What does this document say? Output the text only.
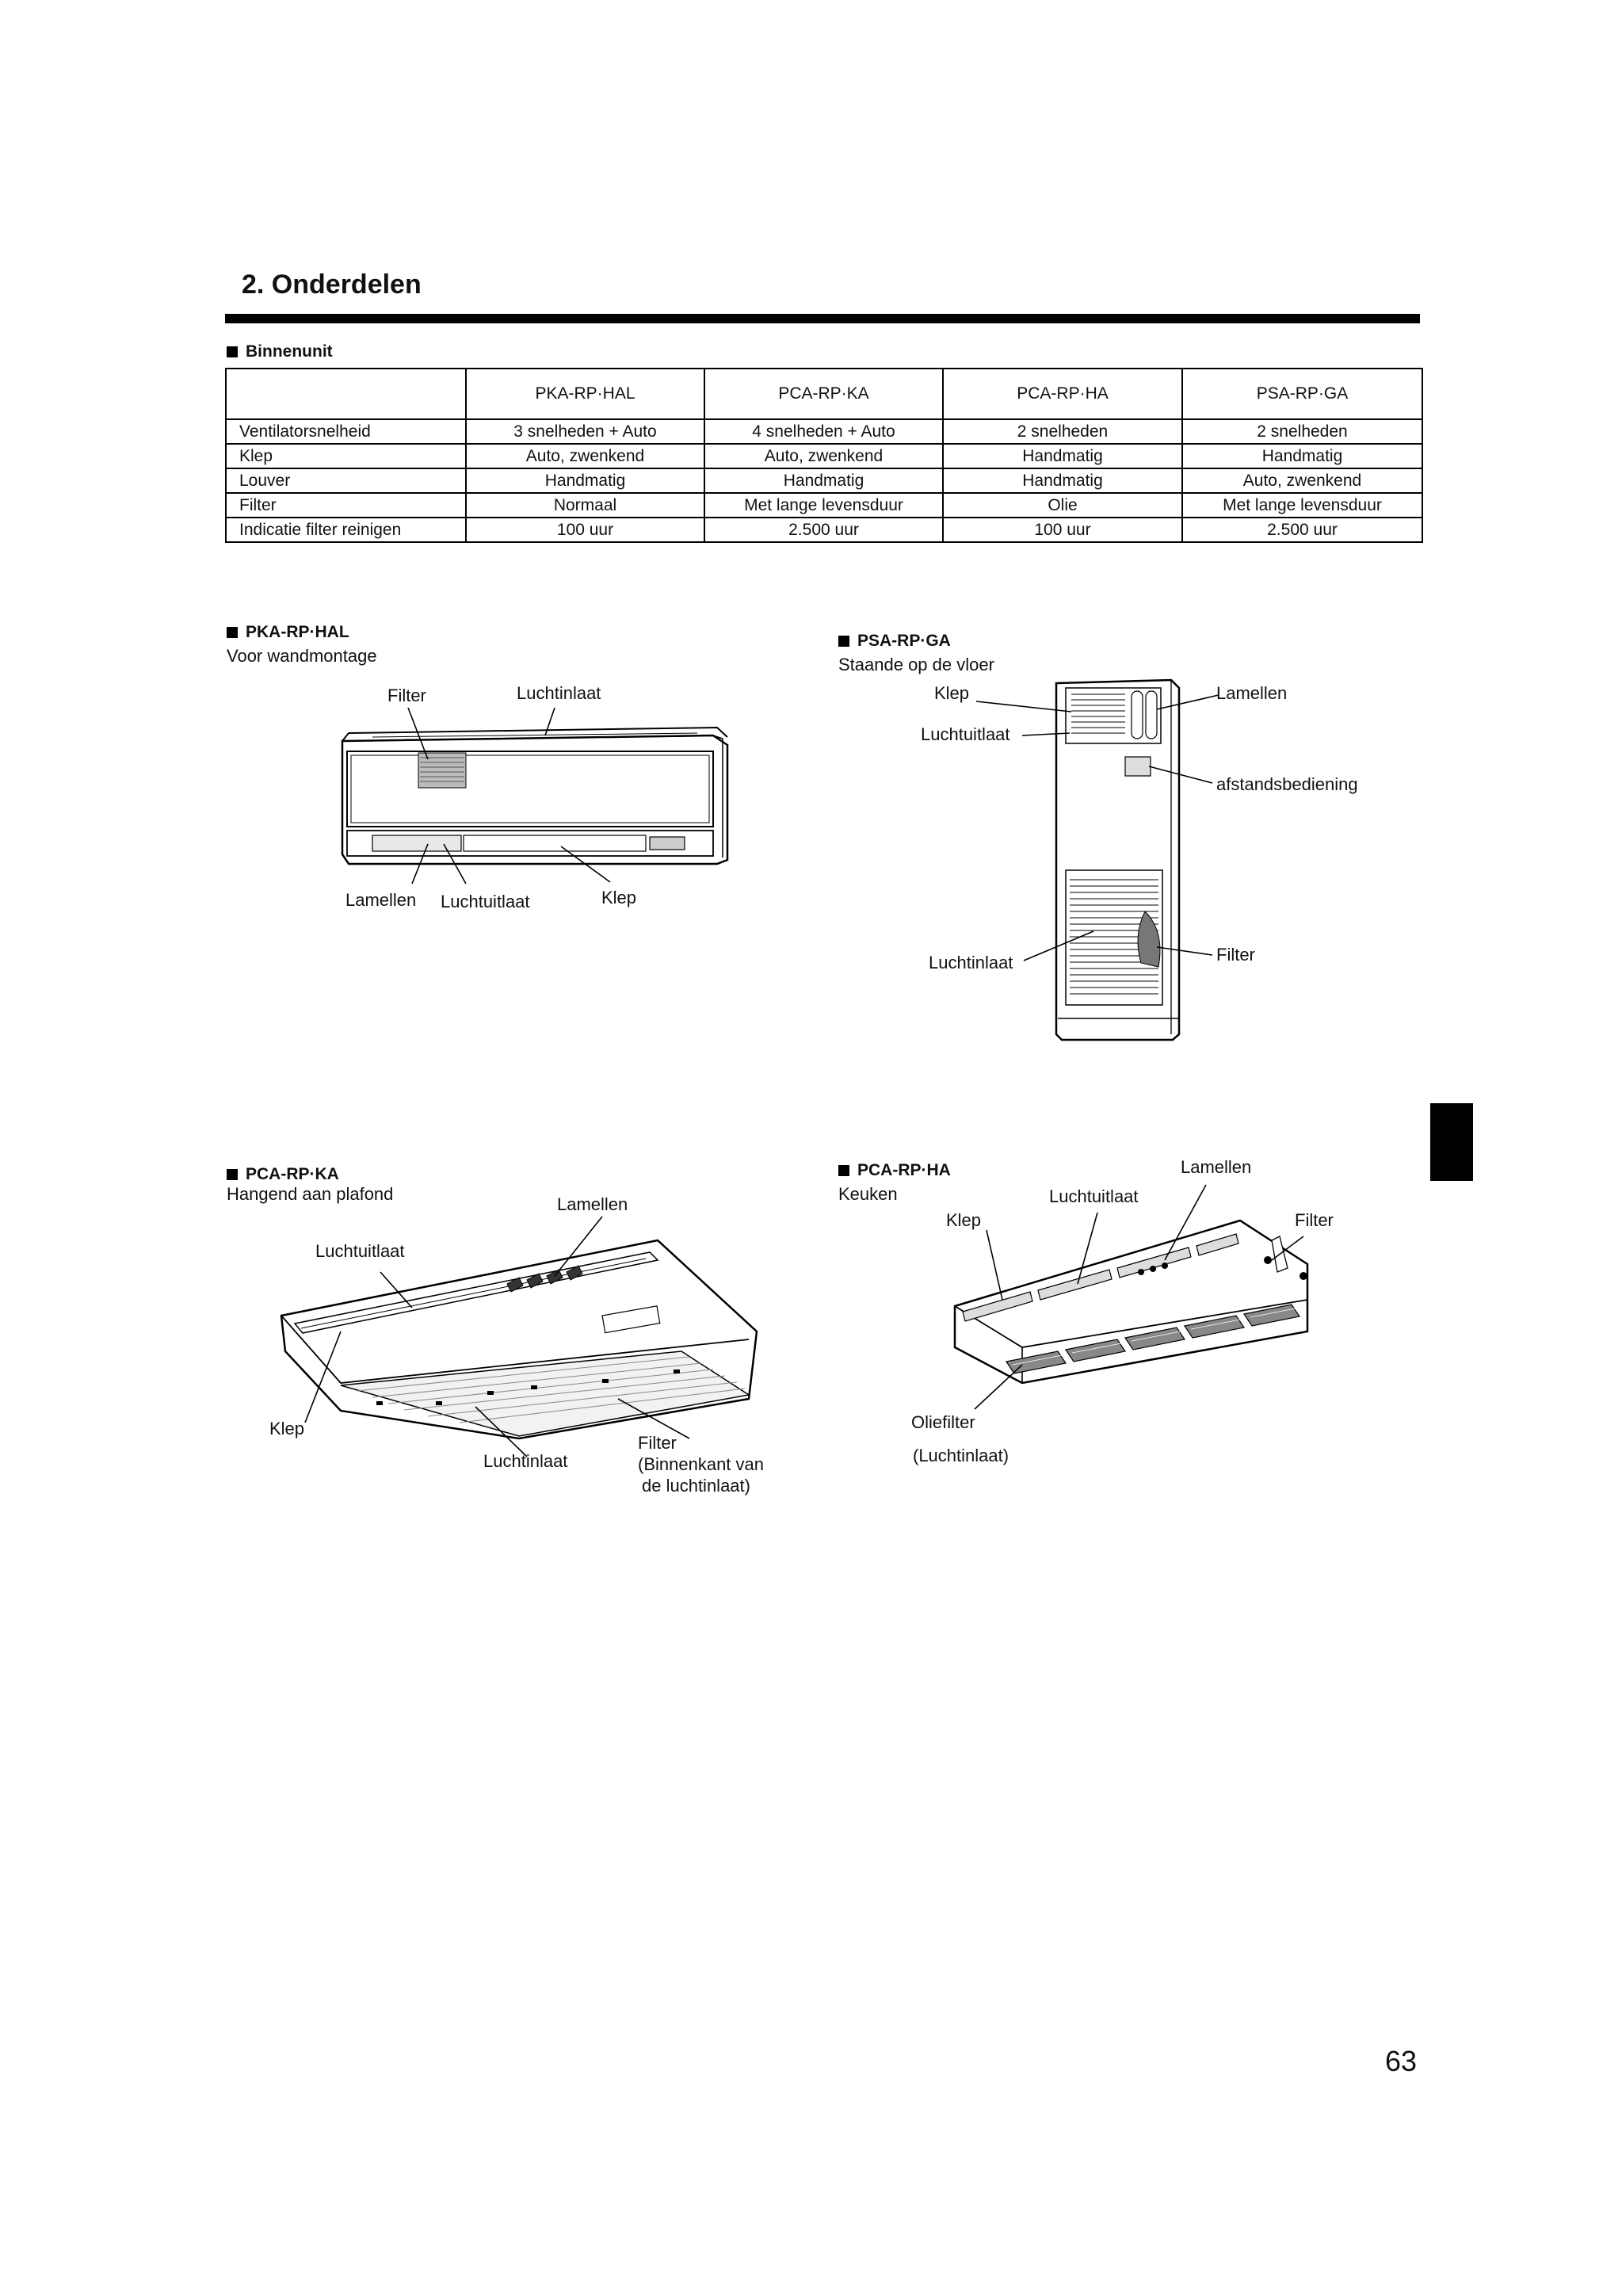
2. Onderdelen
Binnenunit
	PKA-RP·HAL	PCA-RP·KA	PCA-RP·HA	PSA-RP·GA
Ventilatorsnelheid	3 snelheden + Auto	4 snelheden + Auto	2 snelheden	2 snelheden
Klep	Auto, zwenkend	Auto, zwenkend	Handmatig	Handmatig
Louver	Handmatig	Handmatig	Handmatig	Auto, zwenkend
Filter	Normaal	Met lange levensduur	Olie	Met lange levensduur
Indicatie filter reinigen	100 uur	2.500 uur	100 uur	2.500 uur
PKA-RP·HAL
Voor wandmontage
Filter	Luchtinlaat
Lamellen Luchtuitlaat	Klep
PSA-RP·GA
Staande op de vloer
Klep	Lamellen
Luchtuitlaat
afstandsbediening
Luchtinlaat	Filter
PCA-RP·KA
Hangend aan plafond
Lamellen
Luchtuitlaat
Klep
Luchtinlaat
Filter
(Binnenkant van
de luchtinlaat)
PCA-RP·HA
Keuken
Lamellen
Luchtuitlaat
Klep	Filter
Oliefilter
(Luchtinlaat)
63
